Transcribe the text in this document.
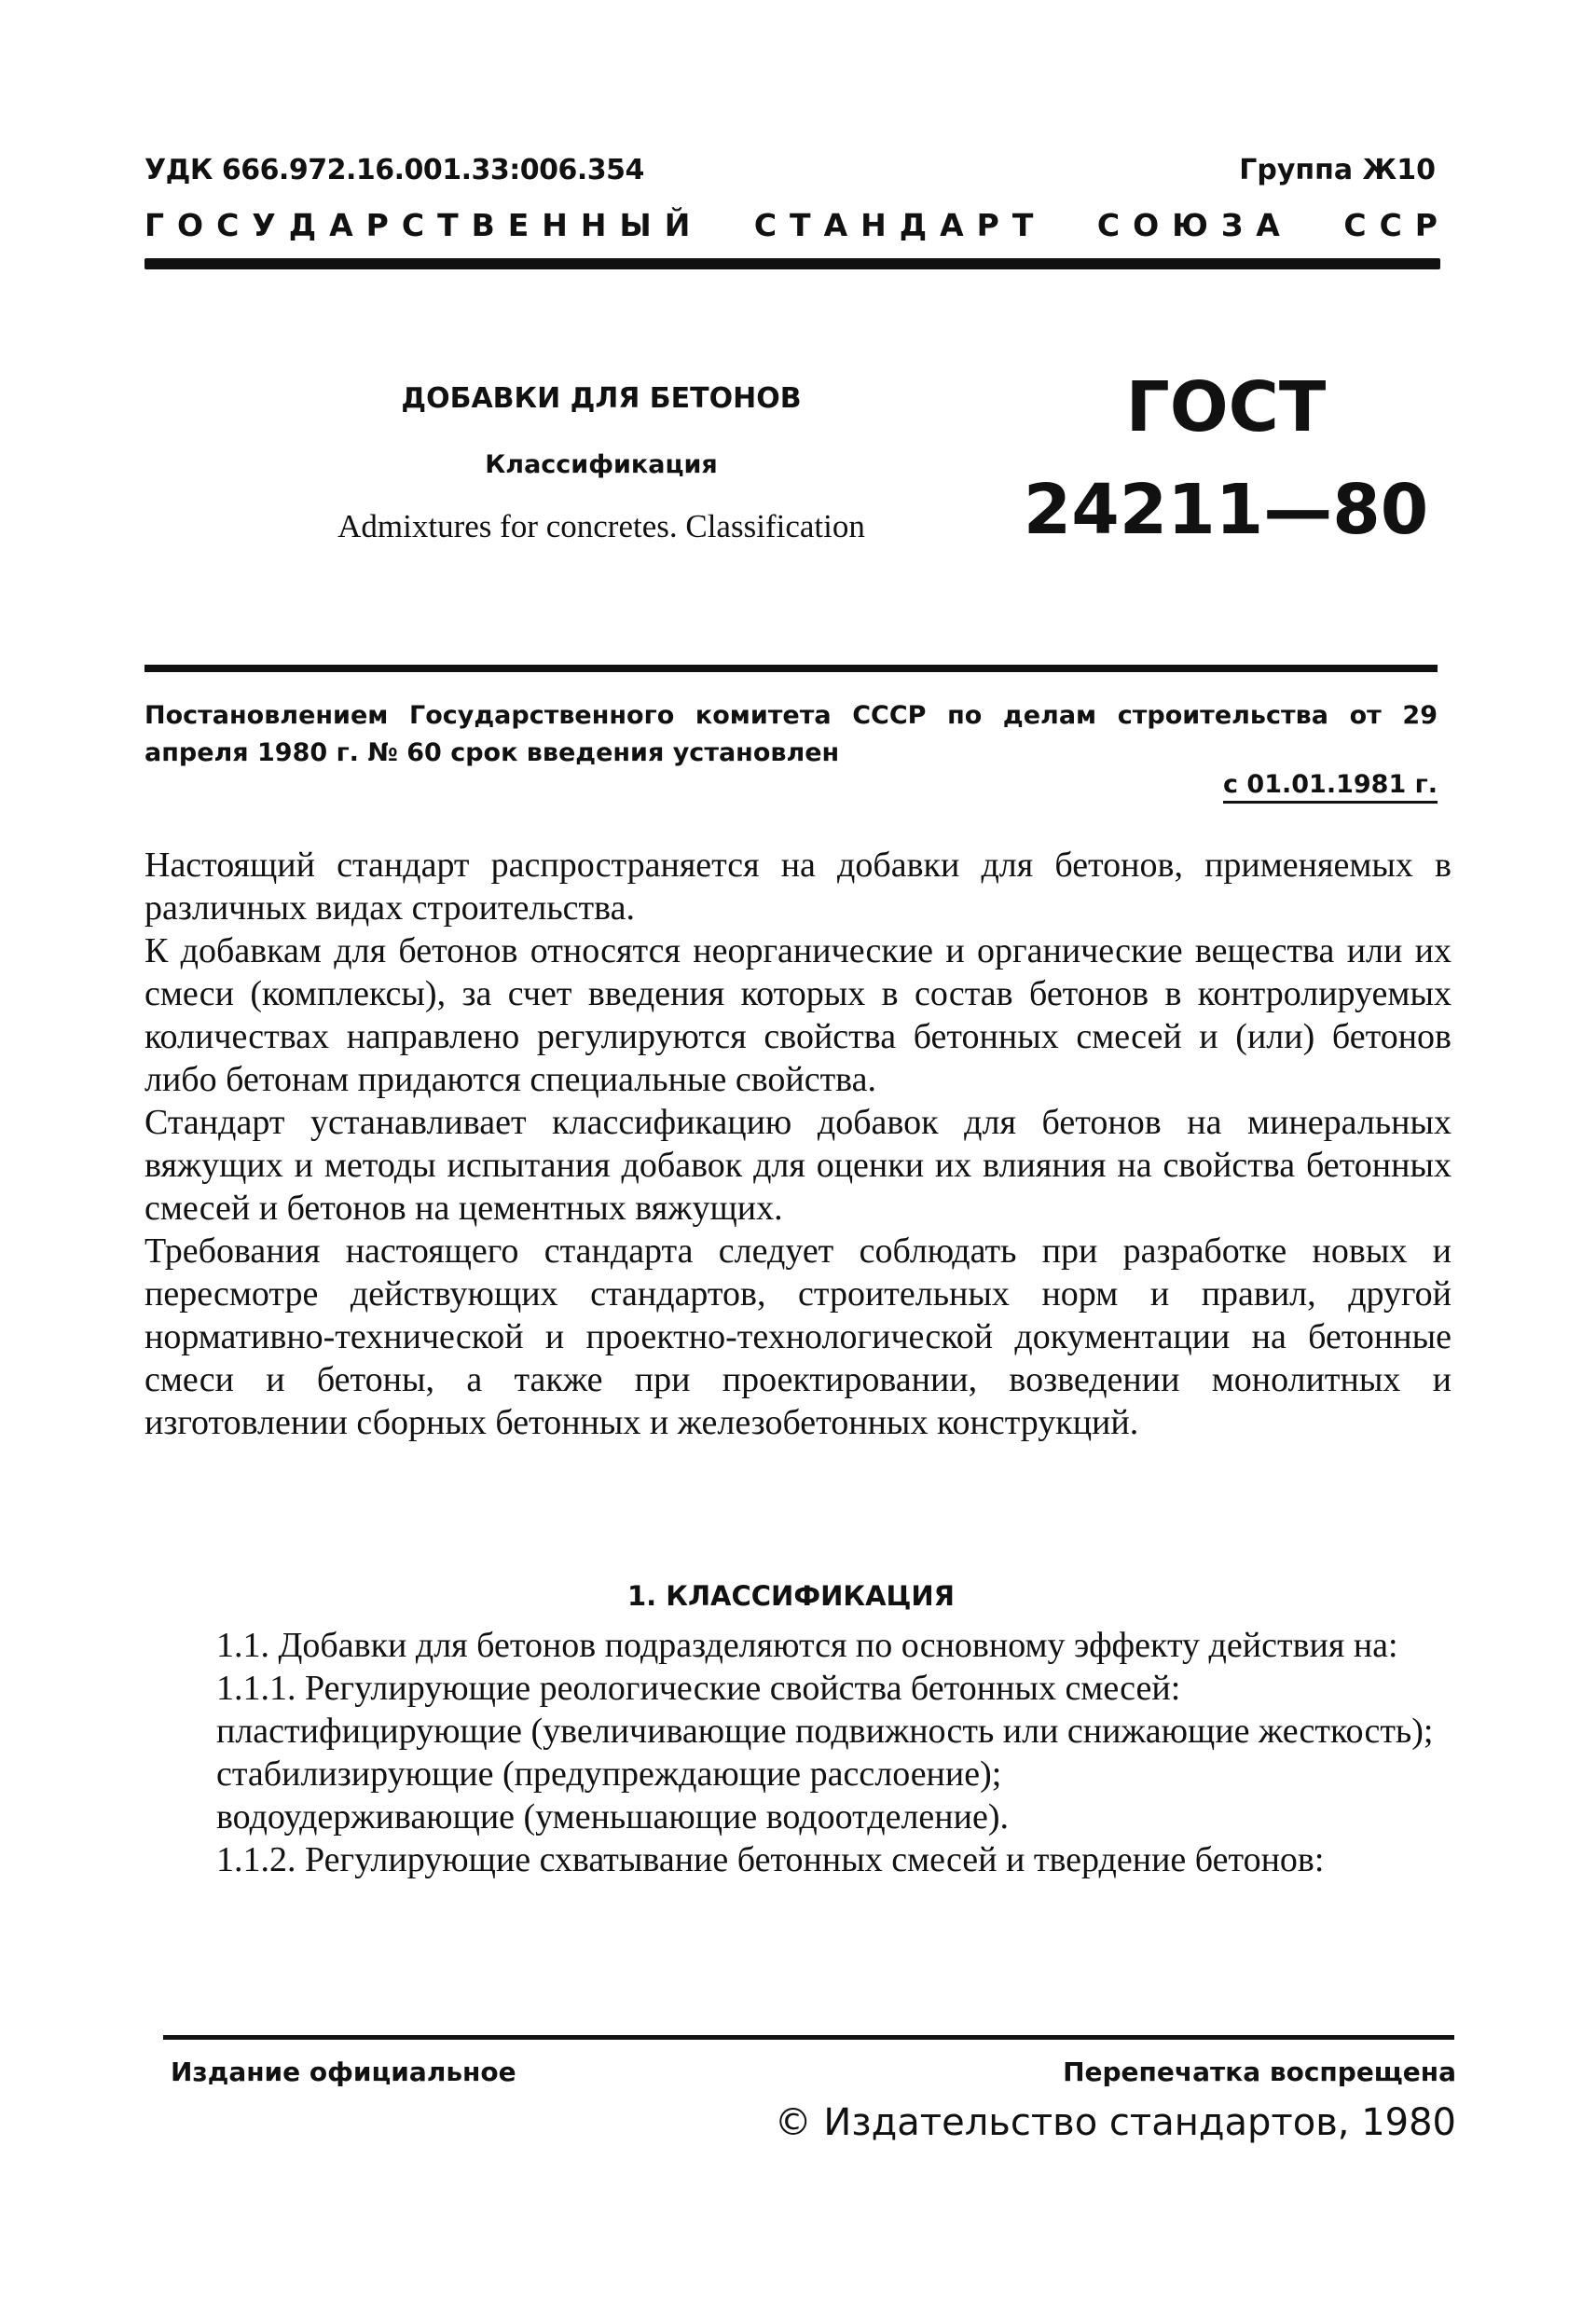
УДК 666.972.16.001.33:006.354	Группа Ж10
ГОСУДАРСТВЕННЫЙ СТАНДАРТ СОЮЗА ССР
ДОБАВКИ ДЛЯ БЕТОНОВ
Классификация
Admixtures for concretes. Classification
ГОСТ
24211—80
Постановлением Государственного комитета СССР по делам строительства от 29 апреля 1980 г. № 60 срок введения установлен
с 01.01.1981 г.

Настоящий стандарт распространяется на добавки для бетонов, применяемых в различных видах строительства.

К добавкам для бетонов относятся неорганические и органические вещества или их смеси (комплексы), за счет введения которых в состав бетонов в контролируемых количествах направлено регулируются свойства бетонных смесей и (или) бетонов либо бетонам придаются специальные свойства.

Стандарт устанавливает классификацию добавок для бетонов на минеральных вяжущих и методы испытания добавок для оценки их влияния на свойства бетонных смесей и бетонов на цементных вяжущих.

Требования настоящего стандарта следует соблюдать при разработке новых и пересмотре действующих стандартов, строительных норм и правил, другой нормативно-технической и проектно-технологической документации на бетонные смеси и бетоны, а также при проектировании, возведении монолитных и изготовлении сборных бетонных и железобетонных конструкций.

1. КЛАССИФИКАЦИЯ

1.1. Добавки для бетонов подразделяются по основному эффекту действия на:

1.1.1. Регулирующие реологические свойства бетонных смесей:

пластифицирующие (увеличивающие подвижность или снижающие жесткость);

стабилизирующие (предупреждающие расслоение);

водоудерживающие (уменьшающие водоотделение).

1.1.2. Регулирующие схватывание бетонных смесей и твердение бетонов:

Издание официальное	Перепечатка воспрещена
© Издательство стандартов, 1980
